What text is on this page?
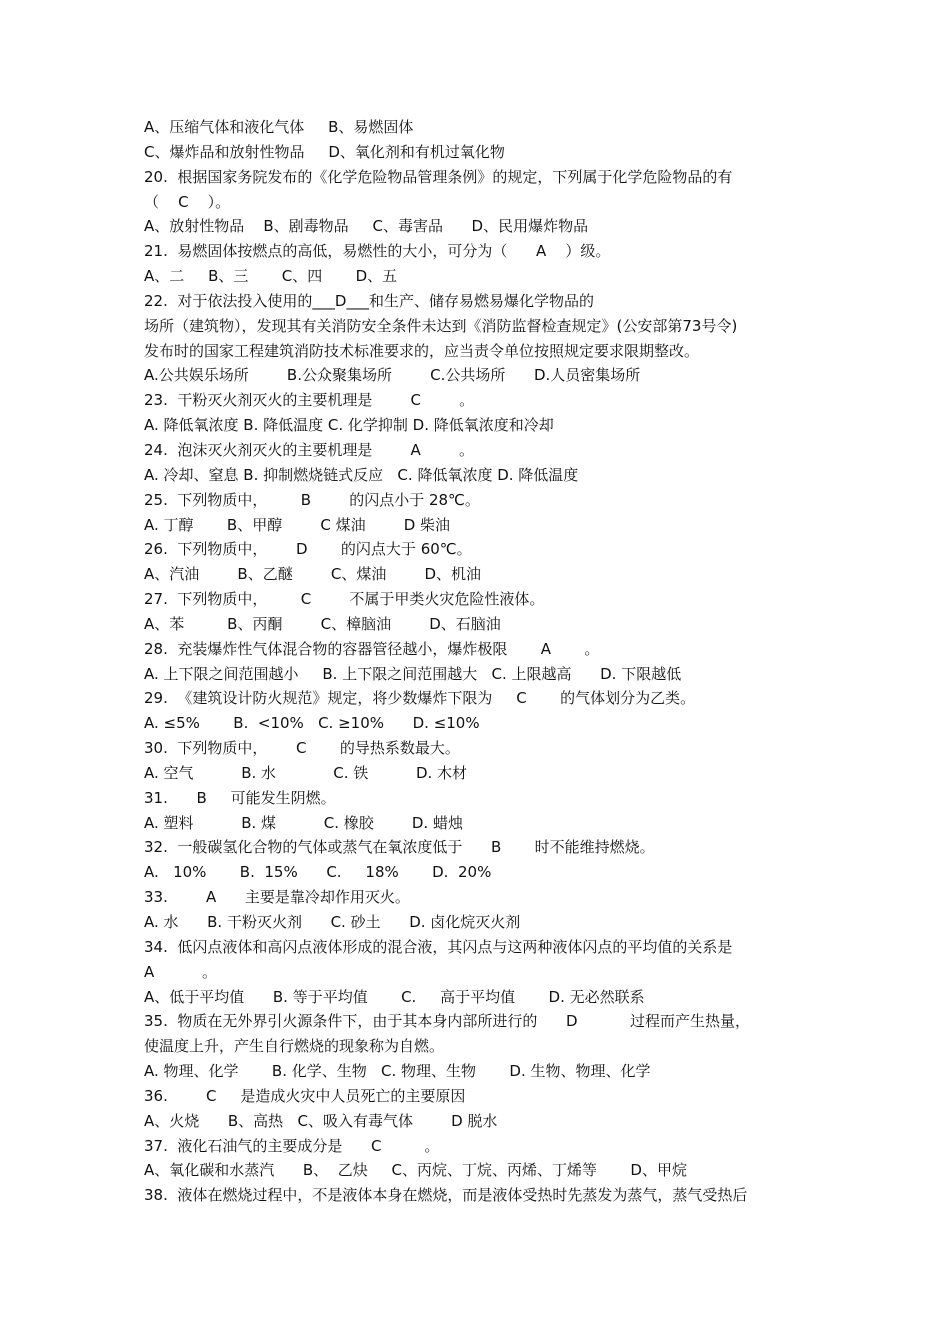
A、压缩气体和液化气体     B、易燃固体
C、爆炸品和放射性物品     D、氧化剂和有机过氧化物
20.  根据国家务院发布的《化学危险物品管理条例》的规定，下列属于化学危险物品的有
（    C    ）。
A、放射性物品    B、剧毒物品     C、毒害品      D、民用爆炸物品
21.  易燃固体按燃点的高低，易燃性的大小，可分为（      A    ）级。
A、二     B、三       C、四       D、五
22.  对于依法投入使用的___D___和生产、储存易燃易爆化学物品的
场所（建筑物），发现其有关消防安全条件未达到《消防监督检查规定》(公安部第73号令)
发布时的国家工程建筑消防技术标准要求的，应当责令单位按照规定要求限期整改。
A.公共娱乐场所        B.公众聚集场所        C.公共场所      D.人员密集场所
23.  干粉灭火剂灭火的主要机理是        C        。
A. 降低氧浓度 B. 降低温度 C. 化学抑制 D. 降低氧浓度和冷却
24.  泡沫灭火剂灭火的主要机理是        A        。
A. 冷却、窒息 B. 抑制燃烧链式反应   C. 降低氧浓度 D. 降低温度
25.  下列物质中，       B        的闪点小于 28℃。
A. 丁醇       B、甲醇        C 煤油        D 柴油
26.  下列物质中，      D       的闪点大于 60℃。
A、汽油        B、乙醚        C、煤油        D、机油
27.  下列物质中，       C        不属于甲类火灾危险性液体。
A、苯         B、丙酮        C、樟脑油        D、石脑油
28.  充装爆炸性气体混合物的容器管径越小，爆炸极限       A       。
A. 上下限之间范围越小     B. 上下限之间范围越大   C. 上限越高      D. 下限越低
29.  《建筑设计防火规范》规定，将少数爆炸下限为     C       的气体划分为乙类。
A. ≤5%       B.  <10%   C. ≥10%      D. ≤10%
30.  下列物质中，      C       的导热系数最大。
A. 空气          B. 水            C. 铁          D. 木材
31.      B     可能发生阴燃。
A. 塑料          B. 煤          C. 橡胶        D. 蜡烛
32.  一般碳氢化合物的气体或蒸气在氧浓度低于      B       时不能维持燃烧。
A.   10%       B.  15%      C.     18%       D.  20%
33.        A      主要是靠冷却作用灭火。
A. 水      B. 干粉灭火剂      C. 砂土      D. 卤化烷灭火剂
34.  低闪点液体和高闪点液体形成的混合液，其闪点与这两种液体闪点的平均值的关系是
A          。
A、低于平均值      B. 等于平均值       C.     高于平均值       D. 无必然联系
35.  物质在无外界引火源条件下，由于其本身内部所进行的      D           过程而产生热量，
使温度上升，产生自行燃烧的现象称为自燃。
A. 物理、化学       B. 化学、生物   C. 物理、生物       D. 生物、物理、化学
36.        C     是造成火灾中人员死亡的主要原因
A、火烧      B、高热   C、吸入有毒气体        D 脱水
37.  液化石油气的主要成分是      C         。
A、氧化碳和水蒸汽      B、  乙炔     C、丙烷、丁烷、丙烯、丁烯等       D、甲烷
38.  液体在燃烧过程中，不是液体本身在燃烧，而是液体受热时先蒸发为蒸气，蒸气受热后
